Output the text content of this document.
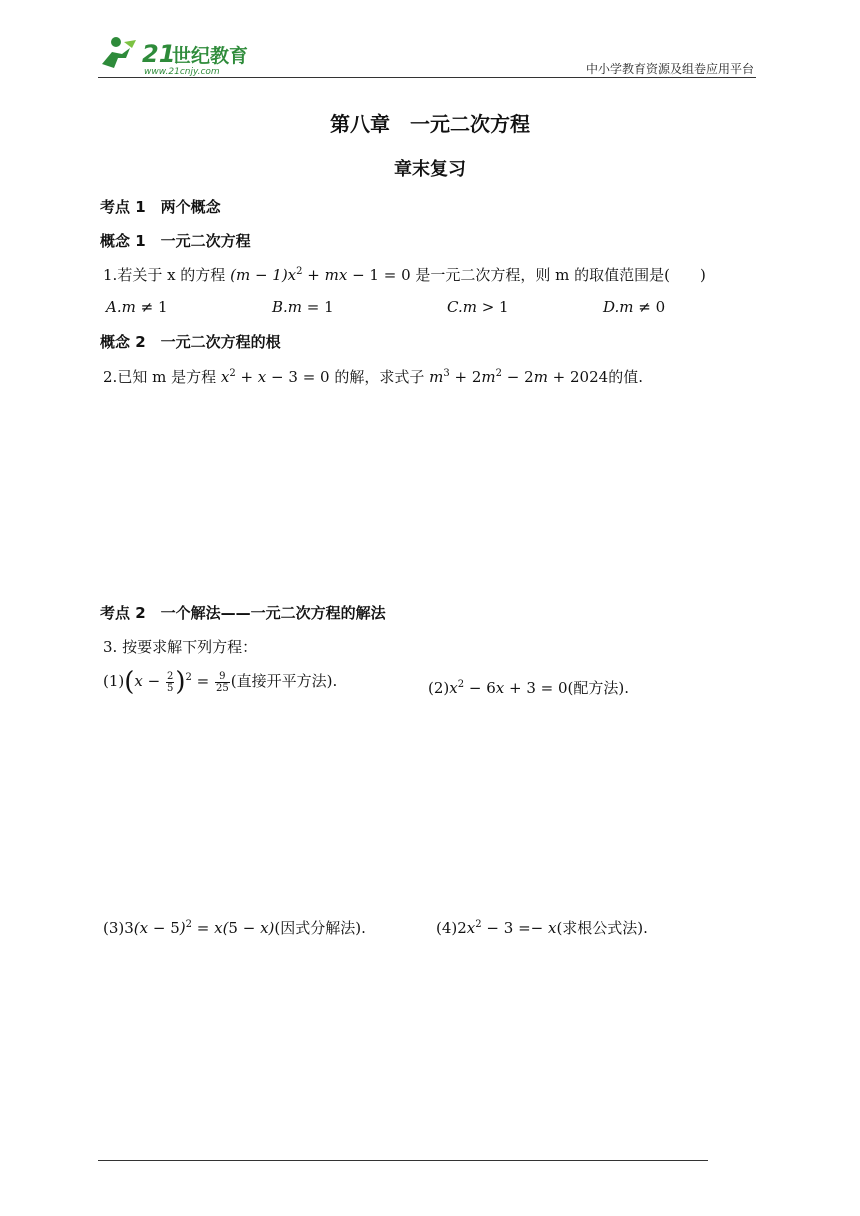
21
世纪教育
www.21cnjy.com	中小学教育资源及组卷应用平台
第八章　一元二次方程
章末复习
考点 1　两个概念
概念 1　一元二次方程
1.若关于 x 的方程 $(m - 1)x^2$ + mx − 1 = 0 是一元二次方程，则 m 的取值范围是(　　)
A.m ≠ 1	B.m = 1	C.m > 1	D.m ≠ 0
概念 2　一元二次方程的根
2.已知 m 是方程 $x^2 + x - 3 = 0$ 的解，求式子 $m^3 + 2m^2 - 2m + 2024$的值.
考点 2　一个解法——一元二次方程的解法
3. 按要求解下列方程：
$(1)(x - \frac{2}{5} )^2 = \frac{9}{25}$ (直接开平方法).	$(2)x^2 - 6x + 3 = 0$(配方法).
$(3)3(x - 5)^2 = x(5 - x)$(因式分解法).	$(4)2x^2 - 3 =- x$(求根公式法).
